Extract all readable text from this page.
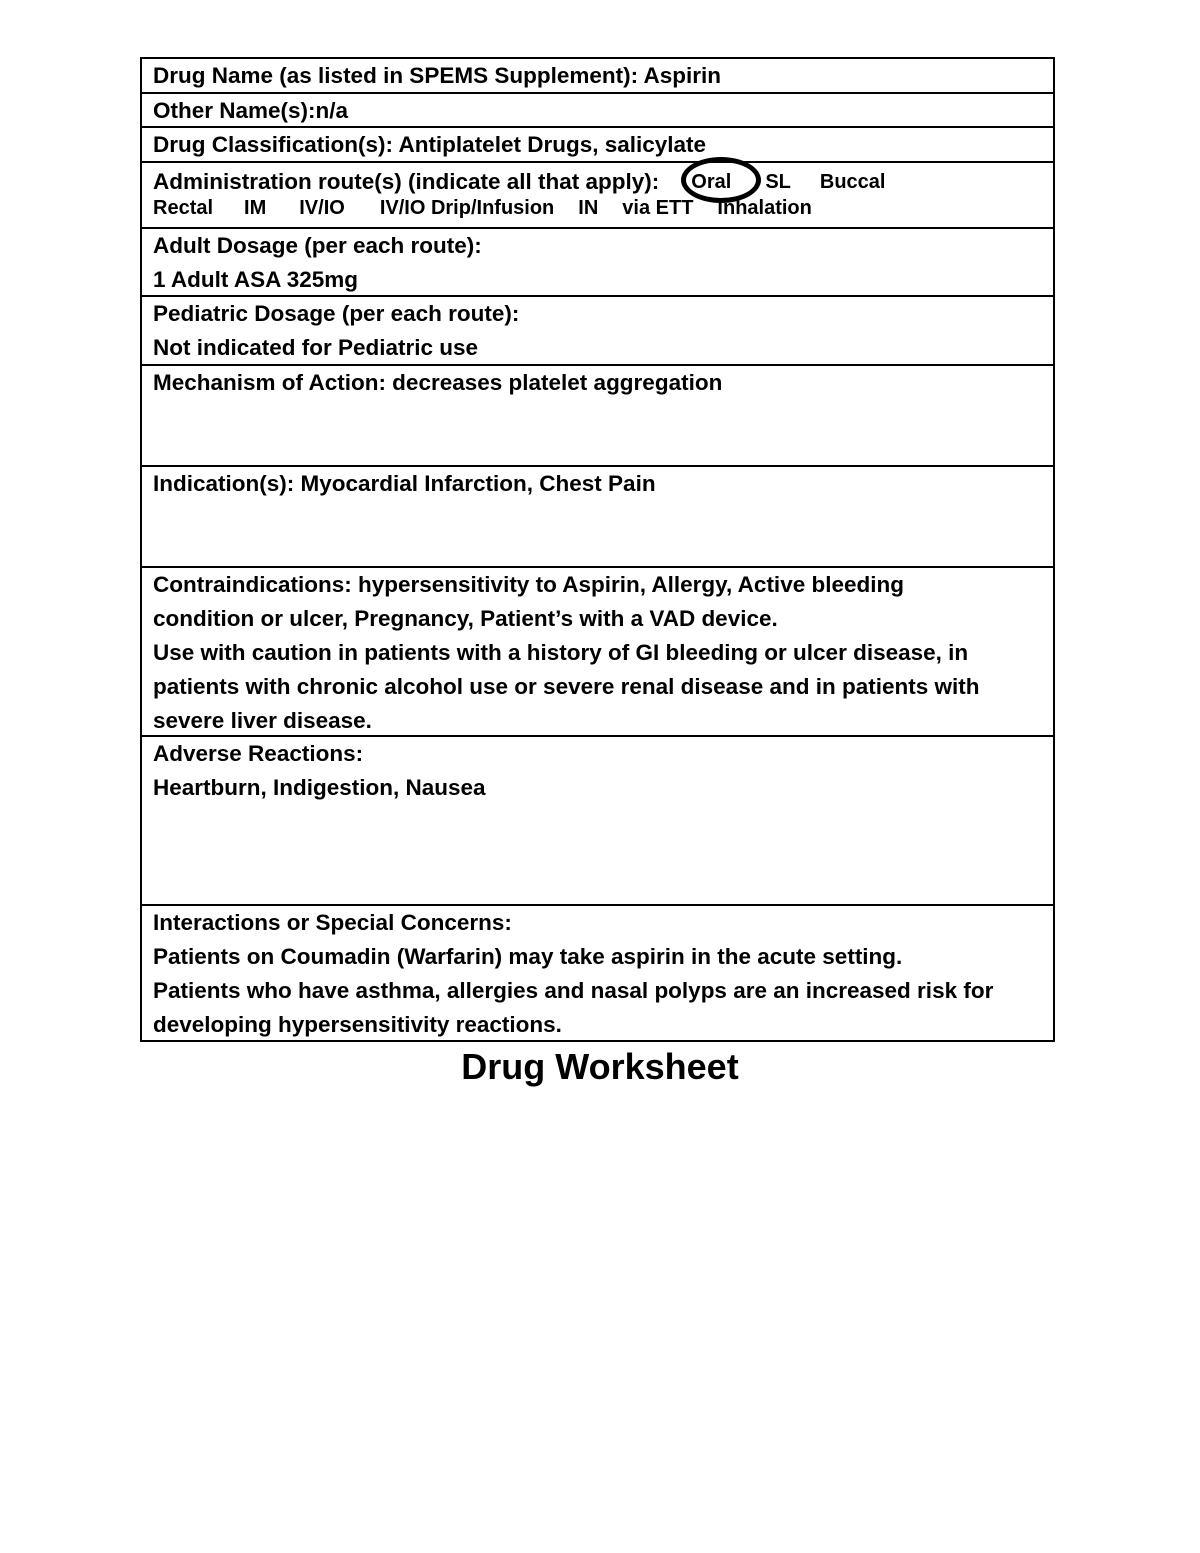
Drug Name (as listed in SPEMS Supplement): Aspirin
Other Name(s):n/a
Drug Classification(s): Antiplatelet Drugs, salicylate
Administration route(s) (indicate all that apply): Oral SL Buccal
Rectal IM IV/IO IV/IO Drip/Infusion IN via ETT Inhalation
Adult Dosage (per each route):
1 Adult ASA 325mg
Pediatric Dosage (per each route):
Not indicated for Pediatric use
Mechanism of Action: decreases platelet aggregation
Indication(s): Myocardial Infarction, Chest Pain
Contraindications: hypersensitivity to Aspirin, Allergy, Active bleeding
condition or ulcer, Pregnancy, Patient’s with a VAD device.
Use with caution in patients with a history of GI bleeding or ulcer disease, in
patients with chronic alcohol use or severe renal disease and in patients with
severe liver disease.
Adverse Reactions:
Heartburn, Indigestion, Nausea
Interactions or Special Concerns:
Patients on Coumadin (Warfarin) may take aspirin in the acute setting.
Patients who have asthma, allergies and nasal polyps are an increased risk for
developing hypersensitivity reactions.
Drug Worksheet
